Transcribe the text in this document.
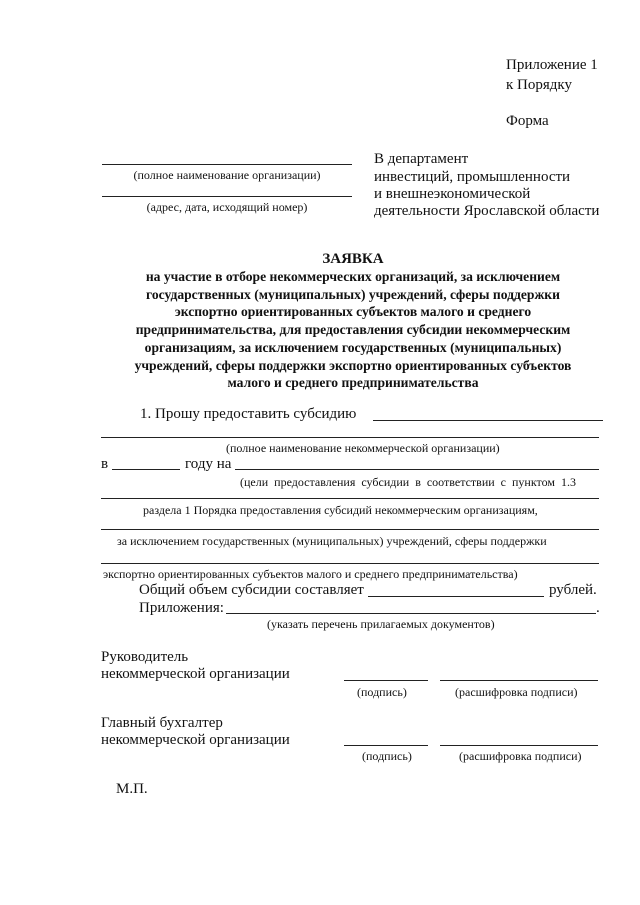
Приложение 1
к Порядку
Форма
(полное наименование организации)
(адрес, дата, исходящий номер)
В департамент
инвестиций, промышленности
и внешнеэкономической
деятельности Ярославской области
ЗАЯВКА
на участие в отборе некоммерческих организаций, за исключением
государственных (муниципальных) учреждений, сферы поддержки
экспортно ориентированных субъектов малого и среднего
предпринимательства, для предоставления субсидии некоммерческим
организациям, за исключением государственных (муниципальных)
учреждений, сферы поддержки экспортно ориентированных субъектов
малого и среднего предпринимательства
1. Прошу предоставить субсидию
(полное наименование некоммерческой организации)
в	году на
(цели  предоставления  субсидии  в  соответствии  с  пунктом  1.3
раздела 1 Порядка предоставления субсидий некоммерческим организациям,
за исключением государственных (муниципальных) учреждений, сферы поддержки
экспортно ориентированных субъектов малого и среднего предпринимательства)
Общий объем субсидии составляет	рублей.
Приложения:	.
(указать перечень прилагаемых документов)
Руководитель
некоммерческой организации
(подпись)	(расшифровка подписи)
Главный бухгалтер
некоммерческой организации
(подпись)	(расшифровка подписи)
М.П.
